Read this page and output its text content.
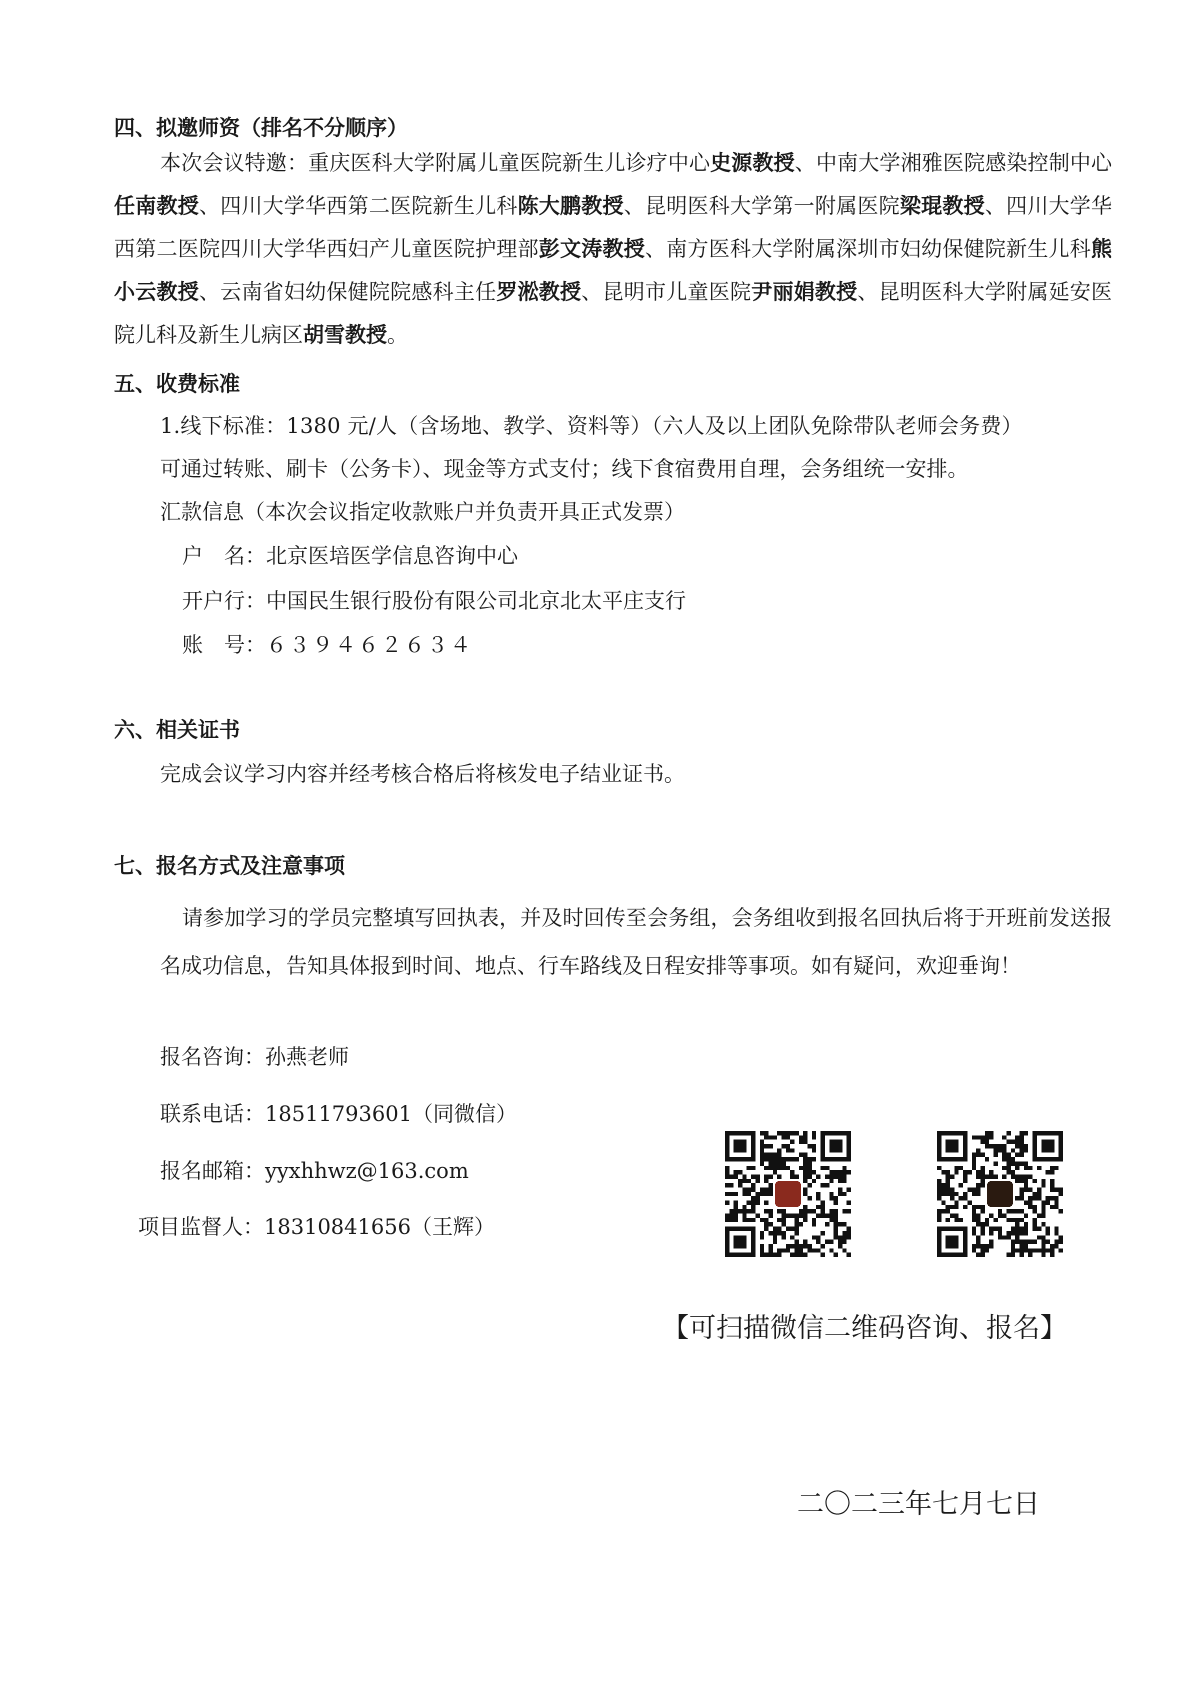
四、拟邀师资（排名不分顺序）
本次会议特邀：重庆医科大学附属儿童医院新生儿诊疗中心史源教授、中南大学湘雅医院感染控制中心任南教授、四川大学华西第二医院新生儿科陈大鹏教授、昆明医科大学第一附属医院梁琨教授、四川大学华西第二医院四川大学华西妇产儿童医院护理部彭文涛教授、南方医科大学附属深圳市妇幼保健院新生儿科熊小云教授、云南省妇幼保健院院感科主任罗淞教授、昆明市儿童医院尹丽娟教授、昆明医科大学附属延安医院儿科及新生儿病区胡雪教授。
五、收费标准
1.线下标准：1380 元/人（含场地、教学、资料等）（六人及以上团队免除带队老师会务费）
可通过转账、刷卡（公务卡）、现金等方式支付；线下食宿费用自理，会务组统一安排。
汇款信息（本次会议指定收款账户并负责开具正式发票）
户　名：北京医培医学信息咨询中心
开户行：中国民生银行股份有限公司北京北太平庄支行
账　号：６３９４６２６３４
六、相关证书
完成会议学习内容并经考核合格后将核发电子结业证书。
七、报名方式及注意事项
请参加学习的学员完整填写回执表，并及时回传至会务组，会务组收到报名回执后将于开班前发送报名成功信息，告知具体报到时间、地点、行车路线及日程安排等事项。如有疑问，欢迎垂询！
报名咨询：孙燕老师
联系电话：18511793601（同微信）
报名邮箱：yyxhhwz@163.com
项目监督人：18310841656（王辉）
【可扫描微信二维码咨询、报名】
二〇二三年七月七日
